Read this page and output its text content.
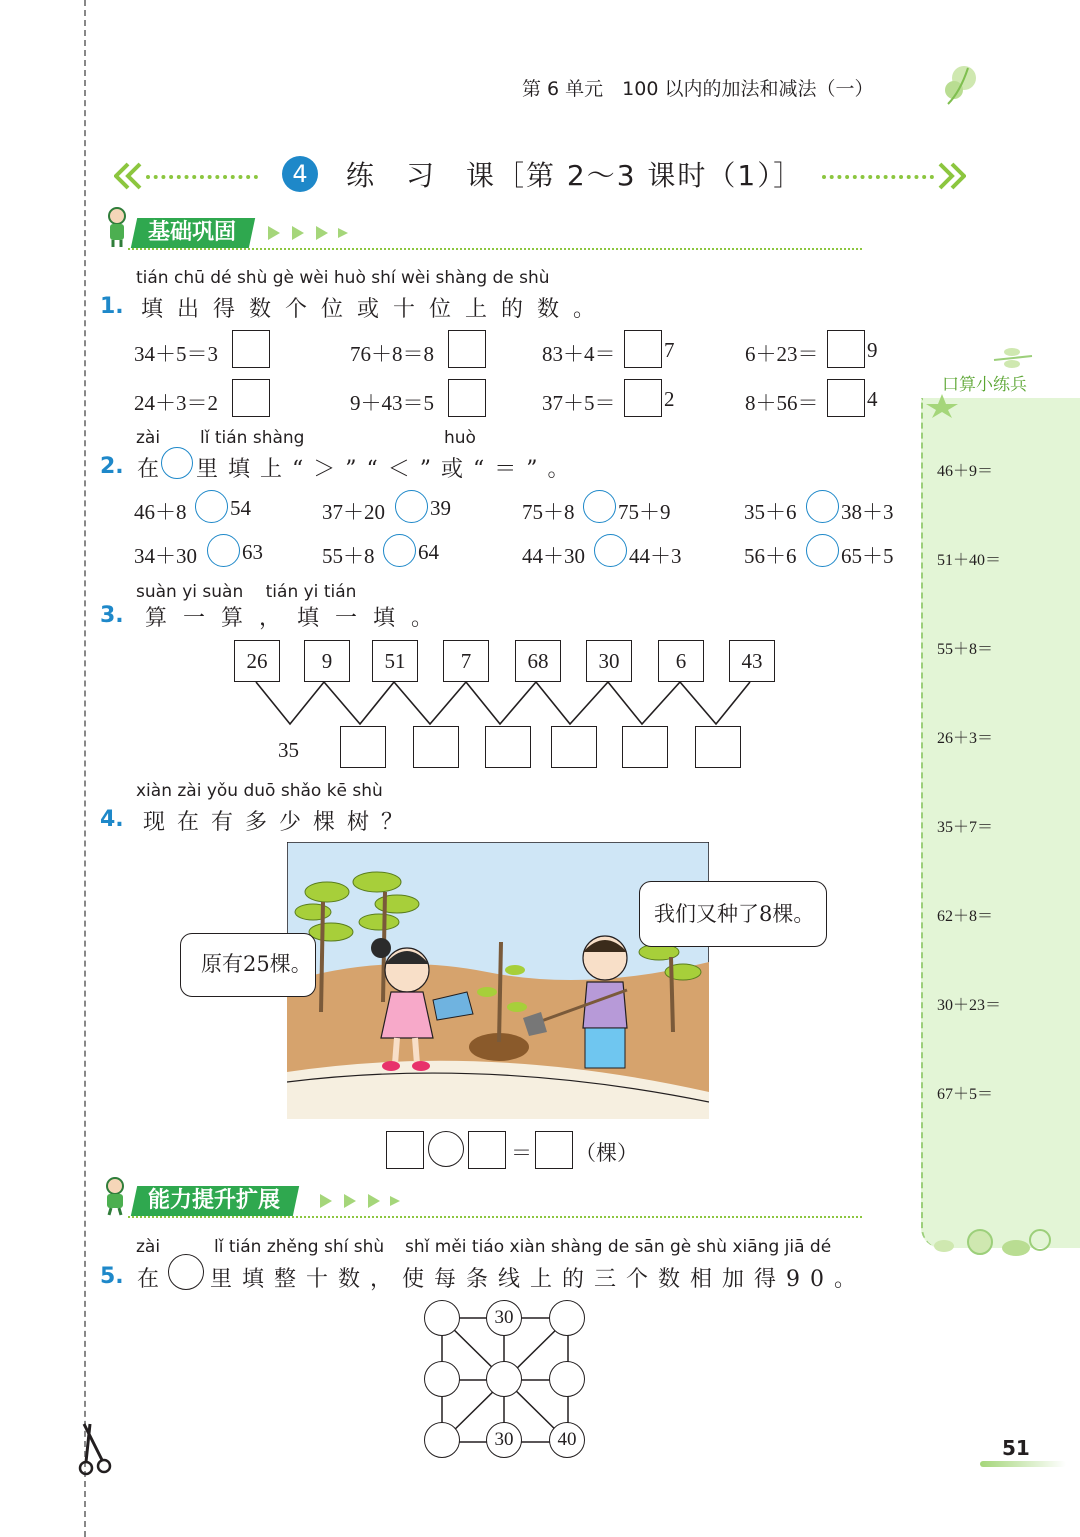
第 6 单元　100 以内的加法和减法（一）
4	练　习　课［第 2～3 课时（1）］
基础巩固
tián chū dé shù gè wèi huò shí wèi shàng de shù
1. 填出得数个位或十位上的数。
34＋5＝3	76＋8＝8	83＋4＝ 7	6＋23＝ 9
24＋3＝2	9＋43＝5	37＋5＝ 2	8＋56＝ 4
zài lǐ tián shàng	huò
2. 在 里填上“＞”“＜”或“＝”。
46＋8 54	37＋20 39	75＋8 75＋9	35＋6 38＋3
34＋30 63	55＋8 64	44＋30 44＋3	56＋6 65＋5
suàn yi suàn　 tián yi tián
3. 算一算，填一填。
26	9	51	7	68	30	6	43
35
xiàn zài yǒu duō shǎo kē shù
4. 现在有多少棵树？
原有25棵。
我们又种了8棵。
＝ （棵）
能力提升扩展
zài	lǐ tián zhěng shí shù shǐ měi tiáo xiàn shàng de sān gè shù xiāng jiā dé
5. 在 里填整十数，使每条线上的三个数相加得90。
30
30	40
46＋9＝
51＋40＝
55＋8＝
26＋3＝
35＋7＝
62＋8＝
30＋23＝
67＋5＝
口算小练兵
51
